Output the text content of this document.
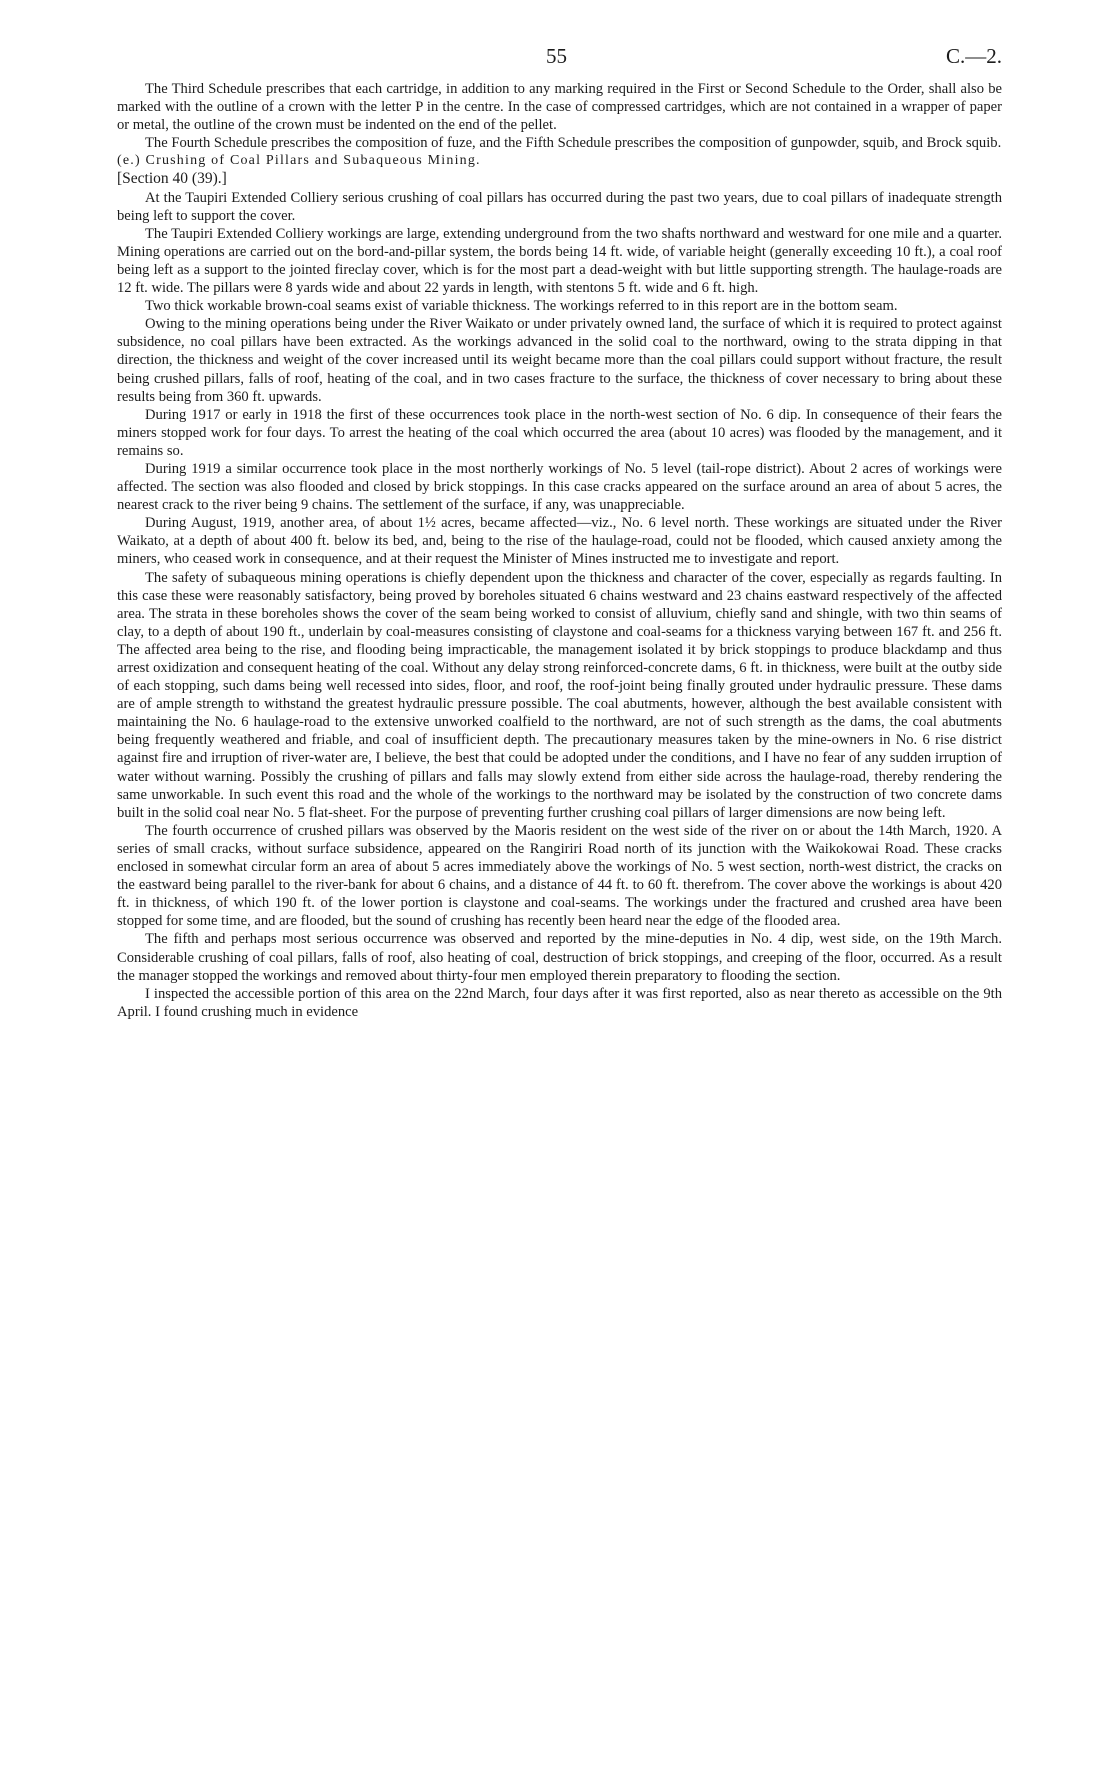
55	C.—2.

The Third Schedule prescribes that each cartridge, in addition to any marking required in the First or Second Schedule to the Order, shall also be marked with the outline of a crown with the letter P in the centre. In the case of compressed cartridges, which are not contained in a wrapper of paper or metal, the outline of the crown must be indented on the end of the pellet.

The Fourth Schedule prescribes the composition of fuze, and the Fifth Schedule prescribes the composition of gunpowder, squib, and Brock squib.

(e.) Crushing of Coal Pillars and Subaqueous Mining.

[Section 40 (39).]

At the Taupiri Extended Colliery serious crushing of coal pillars has occurred during the past two years, due to coal pillars of inadequate strength being left to support the cover.

The Taupiri Extended Colliery workings are large, extending underground from the two shafts northward and westward for one mile and a quarter. Mining operations are carried out on the bord-and-pillar system, the bords being 14 ft. wide, of variable height (generally exceeding 10 ft.), a coal roof being left as a support to the jointed fireclay cover, which is for the most part a dead-weight with but little supporting strength. The haulage-roads are 12 ft. wide. The pillars were 8 yards wide and about 22 yards in length, with stentons 5 ft. wide and 6 ft. high.

Two thick workable brown-coal seams exist of variable thickness. The workings referred to in this report are in the bottom seam.

Owing to the mining operations being under the River Waikato or under privately owned land, the surface of which it is required to protect against subsidence, no coal pillars have been extracted. As the workings advanced in the solid coal to the northward, owing to the strata dipping in that direction, the thickness and weight of the cover increased until its weight became more than the coal pillars could support without fracture, the result being crushed pillars, falls of roof, heating of the coal, and in two cases fracture to the surface, the thickness of cover necessary to bring about these results being from 360 ft. upwards.

During 1917 or early in 1918 the first of these occurrences took place in the north-west section of No. 6 dip. In consequence of their fears the miners stopped work for four days. To arrest the heating of the coal which occurred the area (about 10 acres) was flooded by the management, and it remains so.

During 1919 a similar occurrence took place in the most northerly workings of No. 5 level (tail-rope district). About 2 acres of workings were affected. The section was also flooded and closed by brick stoppings. In this case cracks appeared on the surface around an area of about 5 acres, the nearest crack to the river being 9 chains. The settlement of the surface, if any, was unappreciable.

During August, 1919, another area, of about 1½ acres, became affected—viz., No. 6 level north. These workings are situated under the River Waikato, at a depth of about 400 ft. below its bed, and, being to the rise of the haulage-road, could not be flooded, which caused anxiety among the miners, who ceased work in consequence, and at their request the Minister of Mines instructed me to investigate and report.

The safety of subaqueous mining operations is chiefly dependent upon the thickness and character of the cover, especially as regards faulting. In this case these were reasonably satisfactory, being proved by boreholes situated 6 chains westward and 23 chains eastward respectively of the affected area. The strata in these boreholes shows the cover of the seam being worked to consist of alluvium, chiefly sand and shingle, with two thin seams of clay, to a depth of about 190 ft., underlain by coal-measures consisting of claystone and coal-seams for a thickness varying between 167 ft. and 256 ft. The affected area being to the rise, and flooding being impracticable, the management isolated it by brick stoppings to produce blackdamp and thus arrest oxidization and consequent heating of the coal. Without any delay strong reinforced-concrete dams, 6 ft. in thickness, were built at the outby side of each stopping, such dams being well recessed into sides, floor, and roof, the roof-joint being finally grouted under hydraulic pressure. These dams are of ample strength to withstand the greatest hydraulic pressure possible. The coal abutments, however, although the best available consistent with maintaining the No. 6 haulage-road to the extensive unworked coalfield to the northward, are not of such strength as the dams, the coal abutments being frequently weathered and friable, and coal of insufficient depth. The precautionary measures taken by the mine-owners in No. 6 rise district against fire and irruption of river-water are, I believe, the best that could be adopted under the conditions, and I have no fear of any sudden irruption of water without warning. Possibly the crushing of pillars and falls may slowly extend from either side across the haulage-road, thereby rendering the same unworkable. In such event this road and the whole of the workings to the northward may be isolated by the construction of two concrete dams built in the solid coal near No. 5 flat-sheet. For the purpose of preventing further crushing coal pillars of larger dimensions are now being left.

The fourth occurrence of crushed pillars was observed by the Maoris resident on the west side of the river on or about the 14th March, 1920. A series of small cracks, without surface subsidence, appeared on the Rangiriri Road north of its junction with the Waikokowai Road. These cracks enclosed in somewhat circular form an area of about 5 acres immediately above the workings of No. 5 west section, north-west district, the cracks on the eastward being parallel to the river-bank for about 6 chains, and a distance of 44 ft. to 60 ft. therefrom. The cover above the workings is about 420 ft. in thickness, of which 190 ft. of the lower portion is claystone and coal-seams. The workings under the fractured and crushed area have been stopped for some time, and are flooded, but the sound of crushing has recently been heard near the edge of the flooded area.

The fifth and perhaps most serious occurrence was observed and reported by the mine-deputies in No. 4 dip, west side, on the 19th March. Considerable crushing of coal pillars, falls of roof, also heating of coal, destruction of brick stoppings, and creeping of the floor, occurred. As a result the manager stopped the workings and removed about thirty-four men employed therein preparatory to flooding the section.

I inspected the accessible portion of this area on the 22nd March, four days after it was first reported, also as near thereto as accessible on the 9th April. I found crushing much in evidence
